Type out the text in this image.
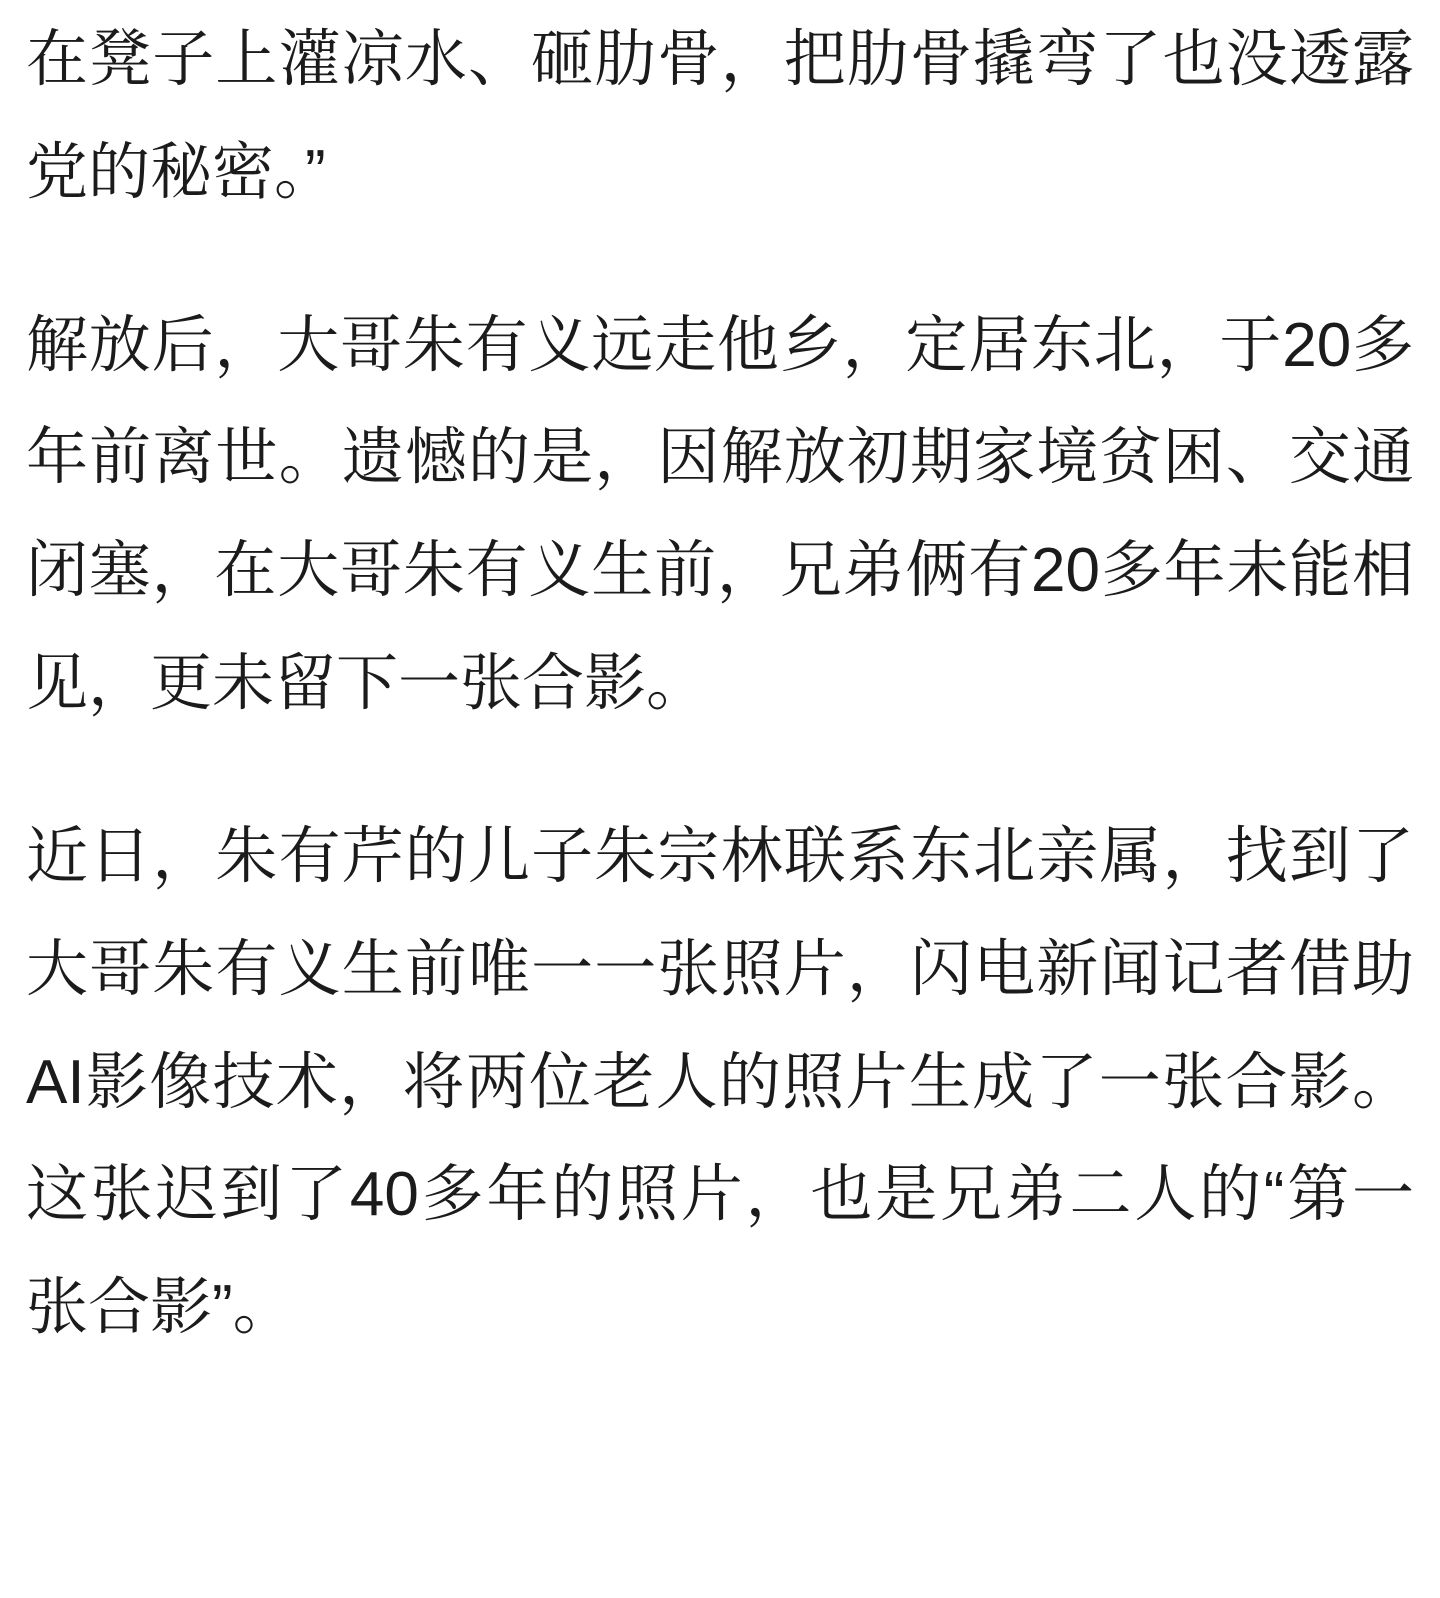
在凳子上灌凉水、砸肋骨，把肋骨撬弯了也没透露党的秘密。”

解放后，大哥朱有义远走他乡，定居东北，于20多年前离世。遗憾的是，因解放初期家境贫困、交通闭塞，在大哥朱有义生前，兄弟俩有20多年未能相见，更未留下一张合影。

近日，朱有芹的儿子朱宗林联系东北亲属，找到了大哥朱有义生前唯一一张照片，闪电新闻记者借助AI影像技术，将两位老人的照片生成了一张合影。这张迟到了40多年的照片，也是兄弟二人的“第一张合影”。
